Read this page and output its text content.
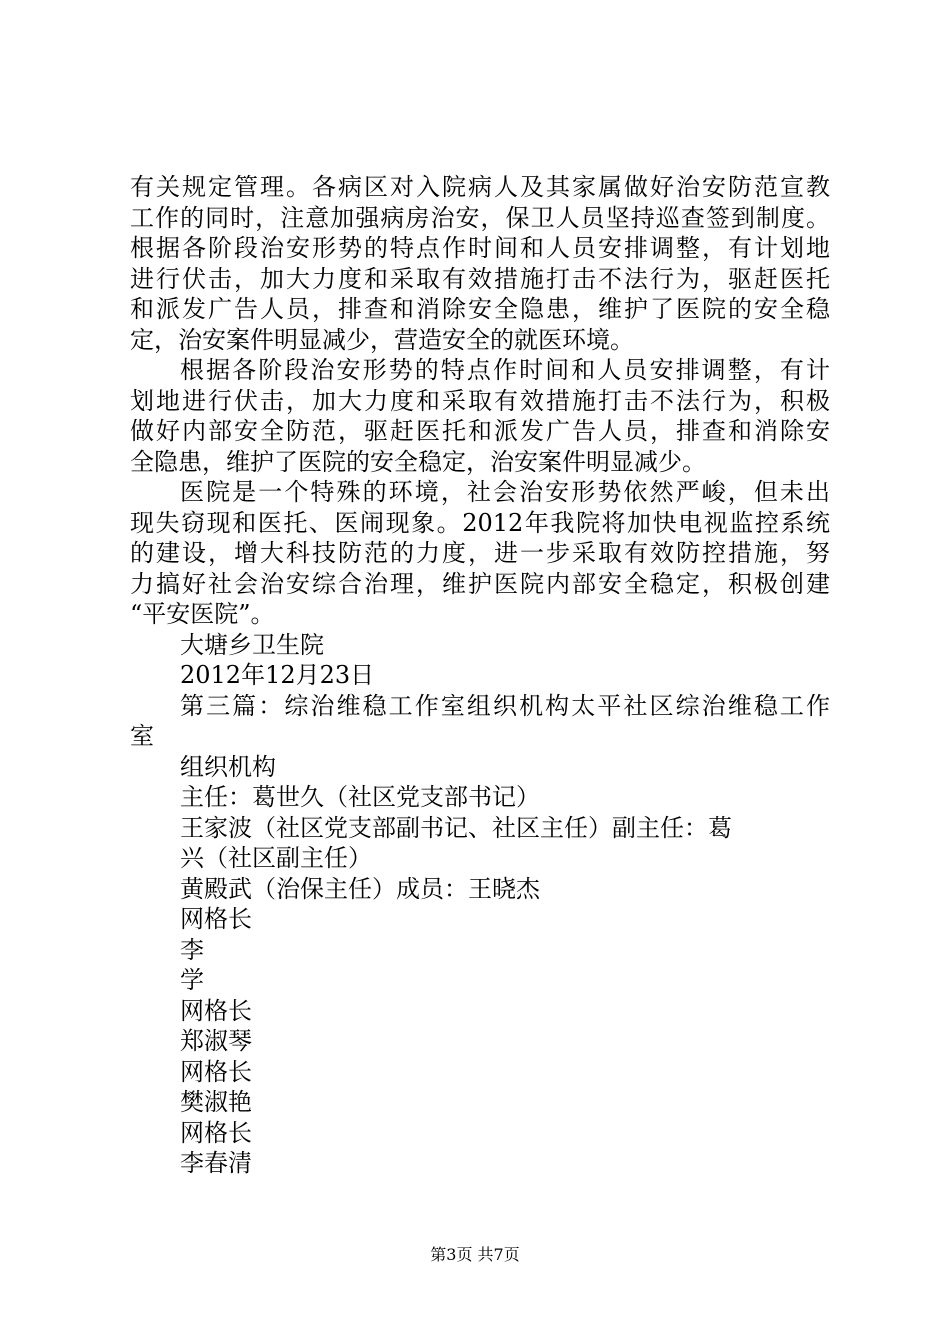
有关规定管理。各病区对入院病人及其家属做好治安防范宣教
工作的同时，注意加强病房治安，保卫人员坚持巡查签到制度。
根据各阶段治安形势的特点作时间和人员安排调整，有计划地
进行伏击，加大力度和采取有效措施打击不法行为，驱赶医托
和派发广告人员，排查和消除安全隐患，维护了医院的安全稳
定，治安案件明显减少，营造安全的就医环境。
根据各阶段治安形势的特点作时间和人员安排调整，有计
划地进行伏击，加大力度和采取有效措施打击不法行为，积极
做好内部安全防范，驱赶医托和派发广告人员，排查和消除安
全隐患，维护了医院的安全稳定，治安案件明显减少。
医院是一个特殊的环境，社会治安形势依然严峻，但未出
现失窃现和医托、医闹现象。2012年我院将加快电视监控系统
的建设，增大科技防范的力度，进一步采取有效防控措施，努
力搞好社会治安综合治理，维护医院内部安全稳定，积极创建
“平安医院”。
大塘乡卫生院
2012年12月23日
第三篇：综治维稳工作室组织机构太平社区综治维稳工作
室
组织机构
主任：葛世久（社区党支部书记）
王家波（社区党支部副书记、社区主任）副主任：葛
兴（社区副主任）
黄殿武（治保主任）成员：王晓杰
网格长
李
学
网格长
郑淑琴
网格长
樊淑艳
网格长
李春清
第3页 共7页
